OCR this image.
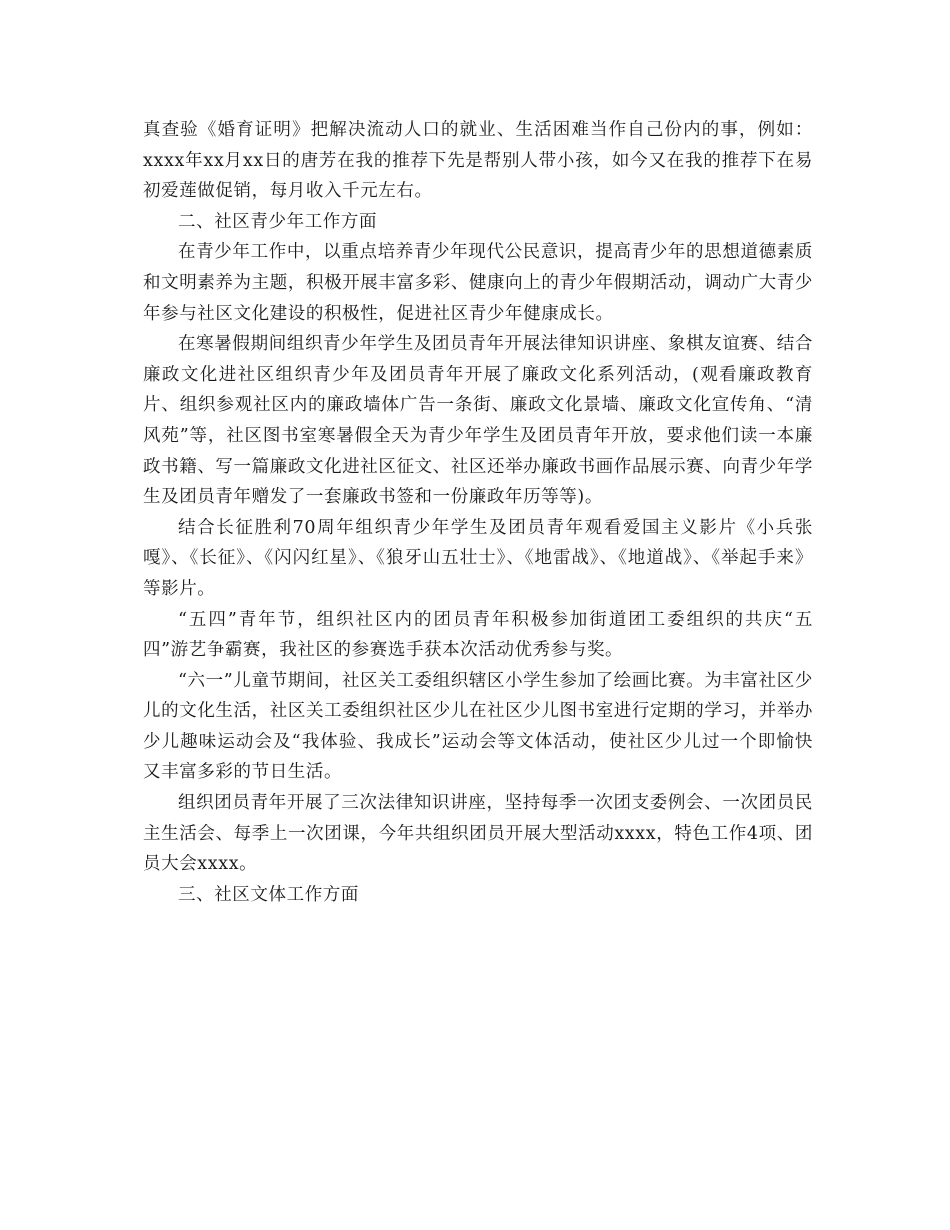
真查验《婚育证明》把解决流动人口的就业、生活困难当作自己份内的事，例如：xxxx年xx月xx日的唐芳在我的推荐下先是帮别人带小孩，如今又在我的推荐下在易初爱莲做促销，每月收入千元左右。

二、社区青少年工作方面

在青少年工作中，以重点培养青少年现代公民意识，提高青少年的思想道德素质和文明素养为主题，积极开展丰富多彩、健康向上的青少年假期活动，调动广大青少年参与社区文化建设的积极性，促进社区青少年健康成长。

在寒暑假期间组织青少年学生及团员青年开展法律知识讲座、象棋友谊赛、结合廉政文化进社区组织青少年及团员青年开展了廉政文化系列活动，(观看廉政教育片、组织参观社区内的廉政墙体广告一条街、廉政文化景墙、廉政文化宣传角、“清风苑”等，社区图书室寒暑假全天为青少年学生及团员青年开放，要求他们读一本廉政书籍、写一篇廉政文化进社区征文、社区还举办廉政书画作品展示赛、向青少年学生及团员青年赠发了一套廉政书签和一份廉政年历等等)。

结合长征胜利70周年组织青少年学生及团员青年观看爱国主义影片《小兵张嘎》、《长征》、《闪闪红星》、《狼牙山五壮士》、《地雷战》、《地道战》、《举起手来》等影片。

“五四”青年节，组织社区内的团员青年积极参加街道团工委组织的共庆“五四”游艺争霸赛，我社区的参赛选手获本次活动优秀参与奖。

“六一”儿童节期间，社区关工委组织辖区小学生参加了绘画比赛。为丰富社区少儿的文化生活，社区关工委组织社区少儿在社区少儿图书室进行定期的学习，并举办少儿趣味运动会及“我体验、我成长”运动会等文体活动，使社区少儿过一个即愉快又丰富多彩的节日生活。

组织团员青年开展了三次法律知识讲座，坚持每季一次团支委例会、一次团员民主生活会、每季上一次团课，今年共组织团员开展大型活动xxxx，特色工作4项、团员大会xxxx。

三、社区文体工作方面
